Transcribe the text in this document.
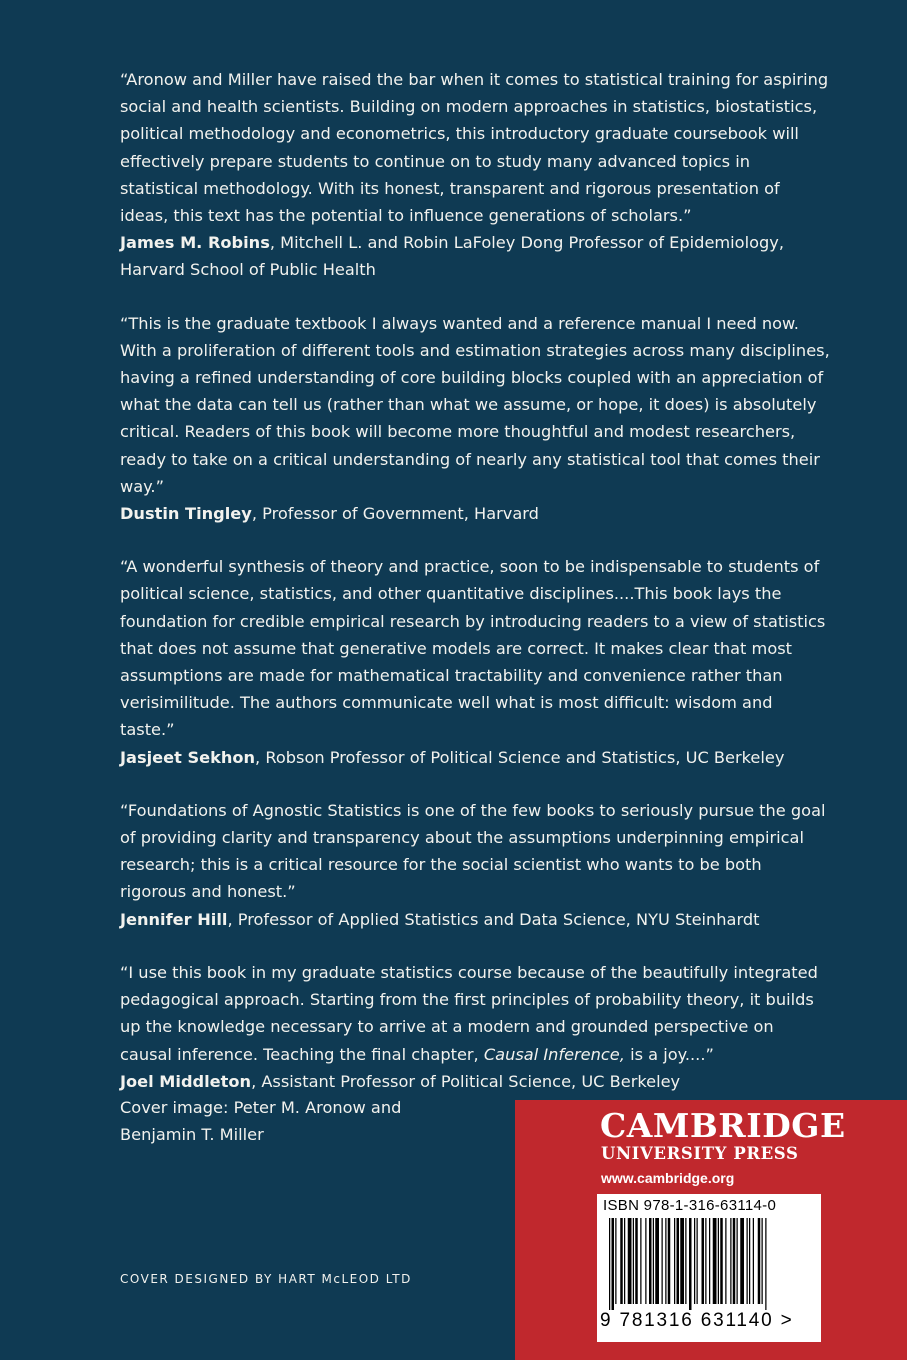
“Aronow and Miller have raised the bar when it comes to statistical training for aspiring social and health scientists. Building on modern approaches in statistics, biostatistics, political methodology and econometrics, this introductory graduate coursebook will effectively prepare students to continue on to study many advanced topics in statistical methodology. With its honest, transparent and rigorous presentation of ideas, this text has the potential to influence generations of scholars.”
James M. Robins, Mitchell L. and Robin LaFoley Dong Professor of Epidemiology, Harvard School of Public Health

“This is the graduate textbook I always wanted and a reference manual I need now. With a proliferation of different tools and estimation strategies across many disciplines, having a refined understanding of core building blocks coupled with an appreciation of what the data can tell us (rather than what we assume, or hope, it does) is absolutely critical. Readers of this book will become more thoughtful and modest researchers, ready to take on a critical understanding of nearly any statistical tool that comes their way.”
Dustin Tingley, Professor of Government, Harvard

“A wonderful synthesis of theory and practice, soon to be indispensable to students of political science, statistics, and other quantitative disciplines....This book lays the foundation for credible empirical research by introducing readers to a view of statistics that does not assume that generative models are correct. It makes clear that most assumptions are made for mathematical tractability and convenience rather than verisimilitude. The authors communicate well what is most difficult: wisdom and taste.”
Jasjeet Sekhon, Robson Professor of Political Science and Statistics, UC Berkeley

“Foundations of Agnostic Statistics is one of the few books to seriously pursue the goal of providing clarity and transparency about the assumptions underpinning empirical research; this is a critical resource for the social scientist who wants to be both rigorous and honest.”
Jennifer Hill, Professor of Applied Statistics and Data Science, NYU Steinhardt

“I use this book in my graduate statistics course because of the beautifully integrated pedagogical approach. Starting from the first principles of probability theory, it builds up the knowledge necessary to arrive at a modern and grounded perspective on causal inference. Teaching the final chapter, Causal Inference, is a joy....”
Joel Middleton, Assistant Professor of Political Science, UC Berkeley

Cover image: Peter M. Aronow and Benjamin T. Miller
COVER DESIGNED BY HART McLEOD LTD
CAMBRIDGE
UNIVERSITY PRESS
www.cambridge.org
ISBN 978-1-316-63114-0
9 781316 631140 >
